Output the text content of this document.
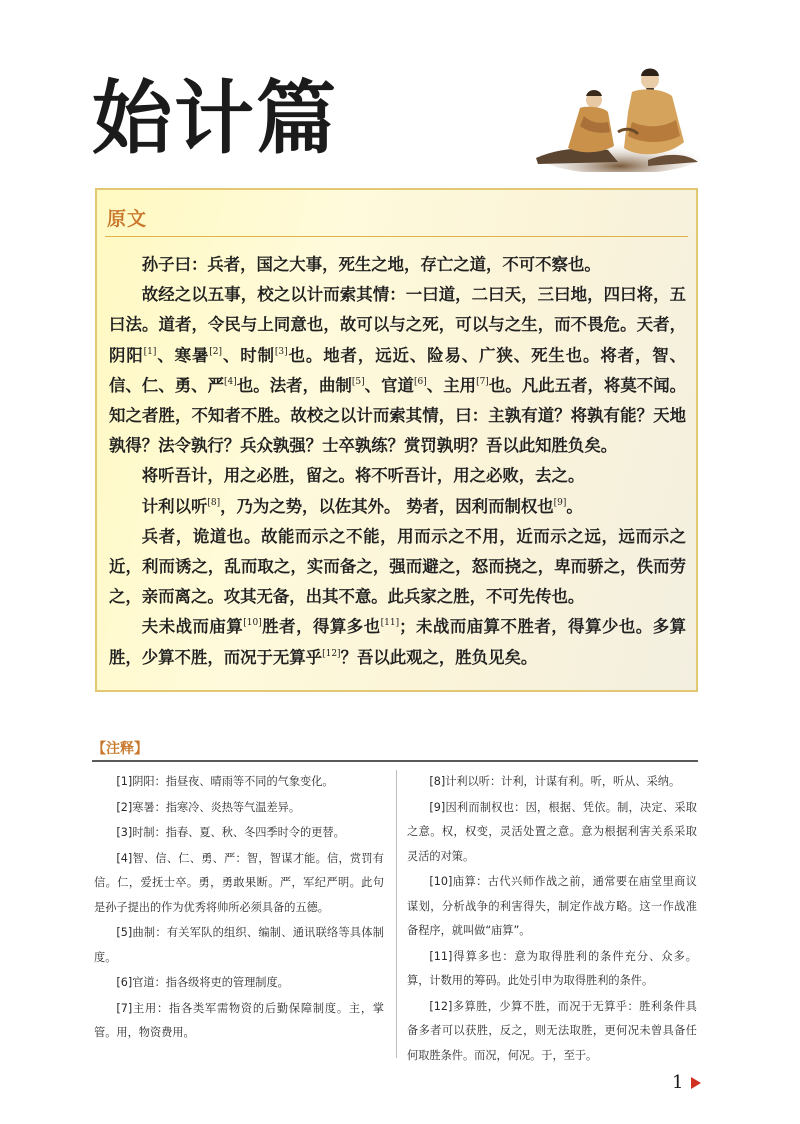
始计篇
原文

孙子曰：兵者，国之大事，死生之地，存亡之道，不可不察也。

故经之以五事，校之以计而索其情：一曰道，二曰天，三曰地，四曰将，五曰法。道者，令民与上同意也，故可以与之死，可以与之生，而不畏危。天者，阴阳[1]、寒暑[2]、时制[3]也。地者，远近、险易、广狭、死生也。将者，智、信、仁、勇、严[4]也。法者，曲制[5]、官道[6]、主用[7]也。凡此五者，将莫不闻。知之者胜，不知者不胜。故校之以计而索其情，曰：主孰有道？将孰有能？天地孰得？法令孰行？兵众孰强？士卒孰练？赏罚孰明？吾以此知胜负矣。

将听吾计，用之必胜，留之。将不听吾计，用之必败，去之。

计利以听[8]，乃为之势，以佐其外。 势者，因利而制权也[9]。

兵者，诡道也。故能而示之不能，用而示之不用，近而示之远，远而示之近，利而诱之，乱而取之，实而备之，强而避之，怒而挠之，卑而骄之，佚而劳之，亲而离之。攻其无备，出其不意。此兵家之胜，不可先传也。

夫未战而庙算[10]胜者，得算多也[11]；未战而庙算不胜者，得算少也。多算胜，少算不胜，而况于无算乎[12]？吾以此观之，胜负见矣。

【注释】

[1]阴阳：指昼夜、晴雨等不同的气象变化。

[2]寒暑：指寒冷、炎热等气温差异。

[3]时制：指春、夏、秋、冬四季时令的更替。

[4]智、信、仁、勇、严：智，智谋才能。信，赏罚有信。仁，爱抚士卒。勇，勇敢果断。严，军纪严明。此句是孙子提出的作为优秀将帅所必须具备的五德。

[5]曲制：有关军队的组织、编制、通讯联络等具体制度。

[6]官道：指各级将吏的管理制度。

[7]主用：指各类军需物资的后勤保障制度。主，掌管。用，物资费用。

[8]计利以听：计利，计谋有利。听，听从、采纳。

[9]因利而制权也：因，根据、凭依。制，决定、采取之意。权，权变，灵活处置之意。意为根据利害关系采取灵活的对策。

[10]庙算：古代兴师作战之前，通常要在庙堂里商议谋划，分析战争的利害得失，制定作战方略。这一作战准备程序，就叫做“庙算”。

[11]得算多也：意为取得胜利的条件充分、众多。算，计数用的筹码。此处引申为取得胜利的条件。

[12]多算胜，少算不胜，而况于无算乎：胜利条件具备多者可以获胜，反之，则无法取胜，更何况未曾具备任何取胜条件。而况，何况。于，至于。

1
